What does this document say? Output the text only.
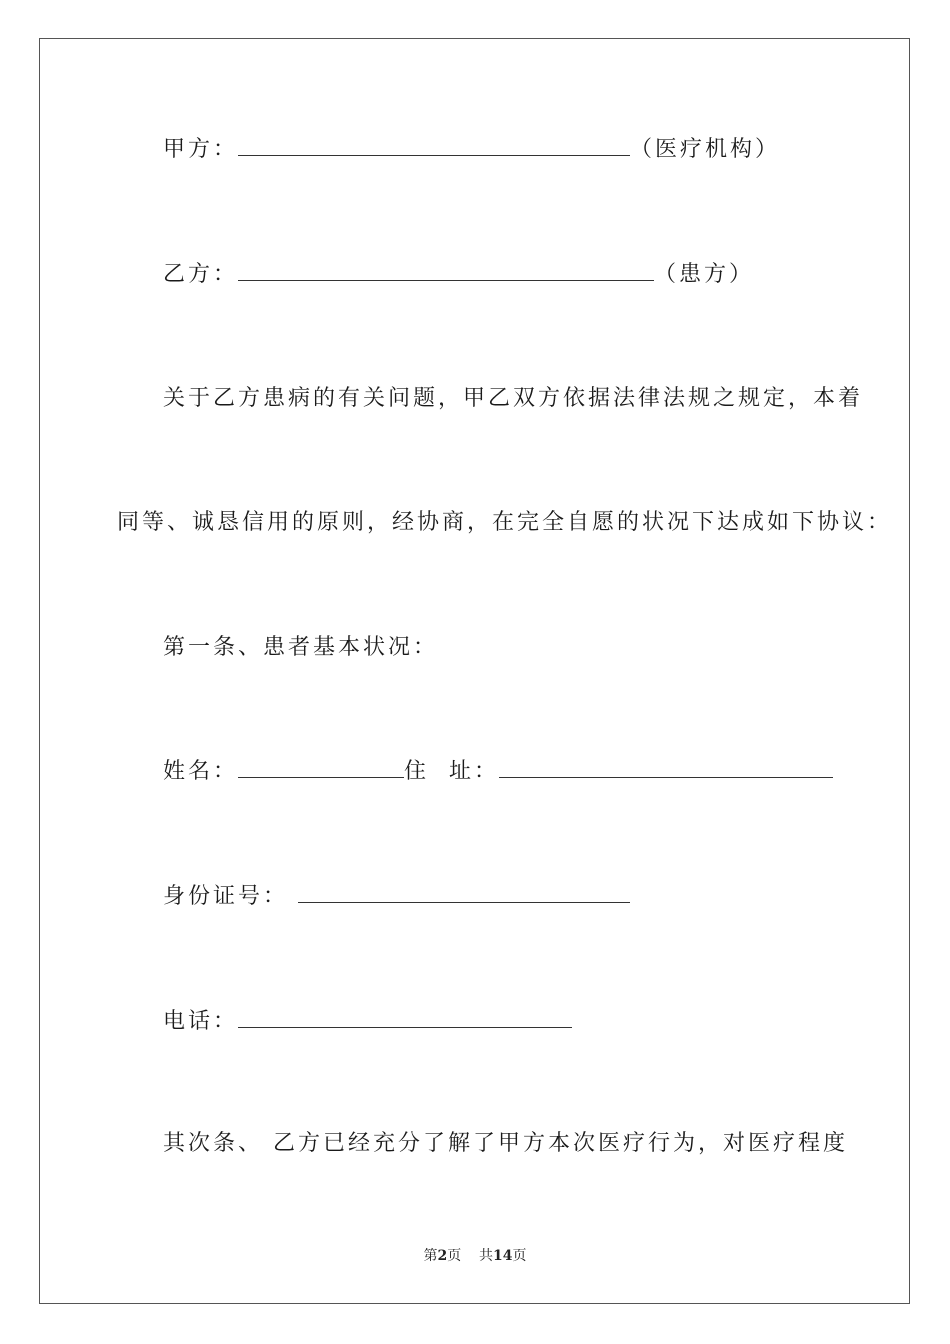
甲方：	（医疗机构）
乙方：	（患方）
关于乙方患病的有关问题，甲乙双方依据法律法规之规定，本着
同等、诚恳信用的原则，经协商，在完全自愿的状况下达成如下协议：
第一条、患者基本状况：
姓名：	住  址：
身份证号：
电话：
其次条、 乙方已经充分了解了甲方本次医疗行为，对医疗程度
第2页 共14页
